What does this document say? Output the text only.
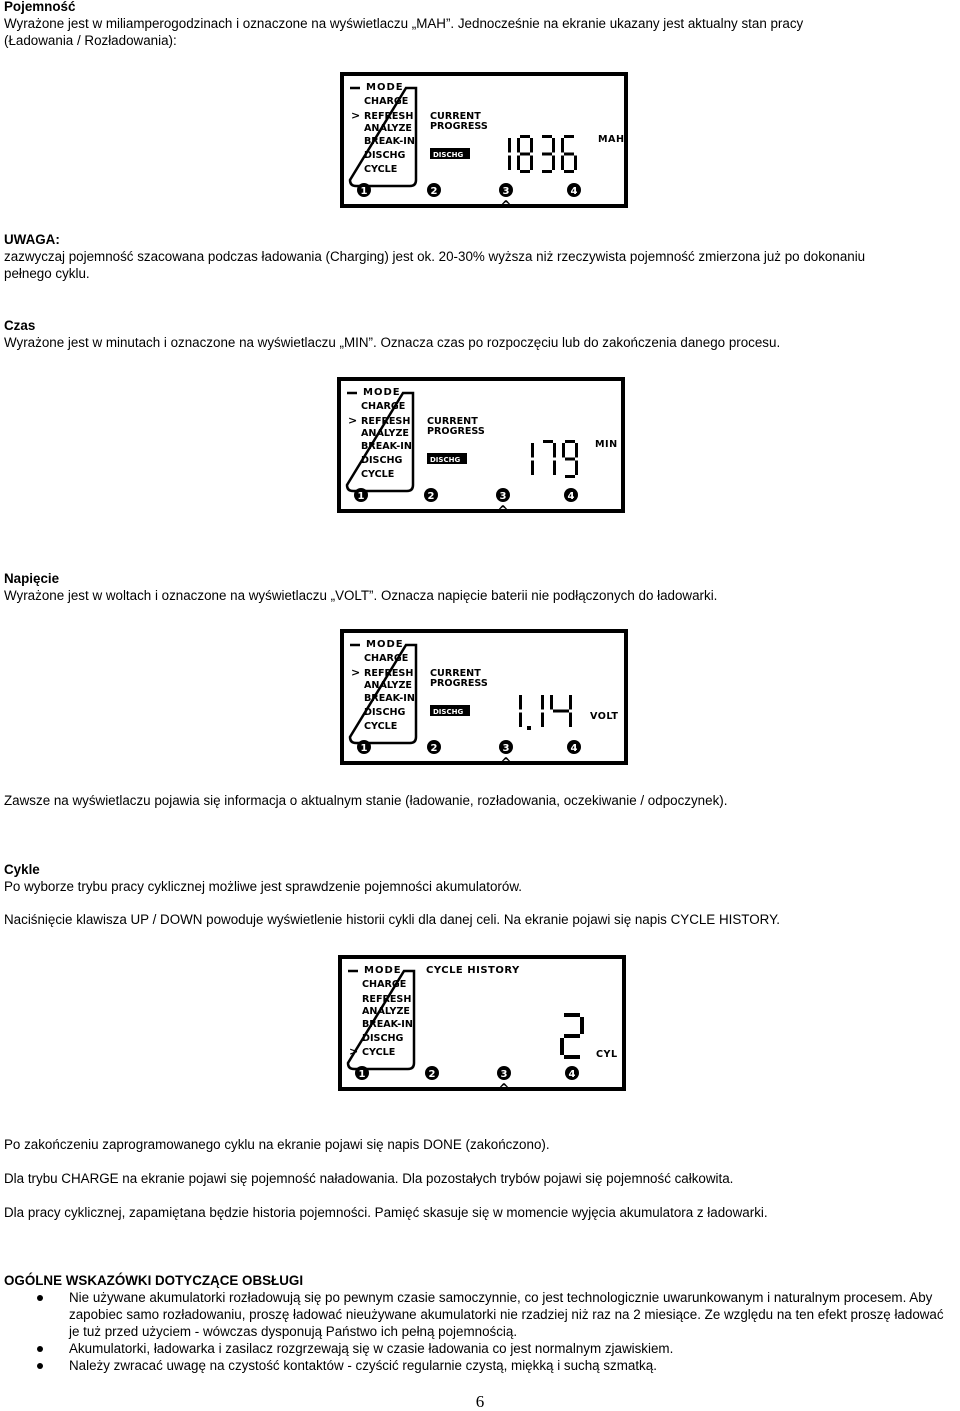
Pojemność

Wyrażone jest w miliamperogodzinach i oznaczone na wyświetlaczu „MAH”. Jednocześnie na ekranie ukazany jest aktualny stan pracy

(Ładowania / Rozładowania):

MODE
CHARGE
REFRESH
>
ANALYZE
BREAK-IN
DISCHG
CYCLE
CURRENT
PROGRESS
DISCHG
MAH
1	2	3	4
^

UWAGA:

zazwyczaj pojemność szacowana podczas ładowania (Charging) jest ok. 20-30% wyższa niż rzeczywista pojemność zmierzona już po dokonaniu

pełnego cyklu.

Czas

Wyrażone jest w minutach i oznaczone na wyświetlaczu „MIN”. Oznacza czas po rozpoczęciu lub do zakończenia danego procesu.

MODE
CHARGE
REFRESH
>
ANALYZE
BREAK-IN
DISCHG
CYCLE
CURRENT
PROGRESS
DISCHG
MIN
1	2	3	4
^

Napięcie

Wyrażone jest w woltach i oznaczone na wyświetlaczu „VOLT”. Oznacza napięcie baterii nie podłączonych do ładowarki.

MODE
CHARGE
REFRESH
>
ANALYZE
BREAK-IN
DISCHG
CYCLE
CURRENT
PROGRESS
DISCHG	VOLT
1	2	3	4
^
Zawsze na wyświetlaczu pojawia się informacja o aktualnym stanie (ładowanie, rozładowania, oczekiwanie / odpoczynek).

Cykle

Po wyborze trybu pracy cyklicznej możliwe jest sprawdzenie pojemności akumulatorów.

Naciśnięcie klawisza UP / DOWN powoduje wyświetlenie historii cykli dla danej celi. Na ekranie pojawi się napis CYCLE HISTORY.
MODE
CHARGE
REFRESH
ANALYZE
BREAK-IN
DISCHG
CYCLE
>
CYCLE HISTORY
CYL
1	2	3	4
^
Po zakończeniu zaprogramowanego cyklu na ekranie pojawi się napis DONE (zakończono).
Dla trybu CHARGE na ekranie pojawi się pojemność naładowania. Dla pozostałych trybów pojawi się pojemność całkowita.
Dla pracy cyklicznej, zapamiętana będzie historia pojemności. Pamięć skasuje się w momencie wyjęcia akumulatora z ładowarki.
OGÓLNE WSKAZÓWKI DOTYCZĄCE OBSŁUGI
Nie używane akumulatorki rozładowują się po pewnym czasie samoczynnie, co jest technologicznie uwarunkowanym i naturalnym procesem. Aby zapobiec samo rozładowaniu, proszę ładować nieużywane akumulatorki nie rzadziej niż raz na 2 miesiące. Ze względu na ten efekt proszę ładować je tuż przed użyciem - wówczas dysponują Państwo ich pełną pojemnością.
Akumulatorki, ładowarka i zasilacz rozgrzewają się w czasie ładowania co jest normalnym zjawiskiem.
Należy zwracać uwagę na czystość kontaktów - czyścić regularnie czystą, miękką i suchą szmatką.
6
